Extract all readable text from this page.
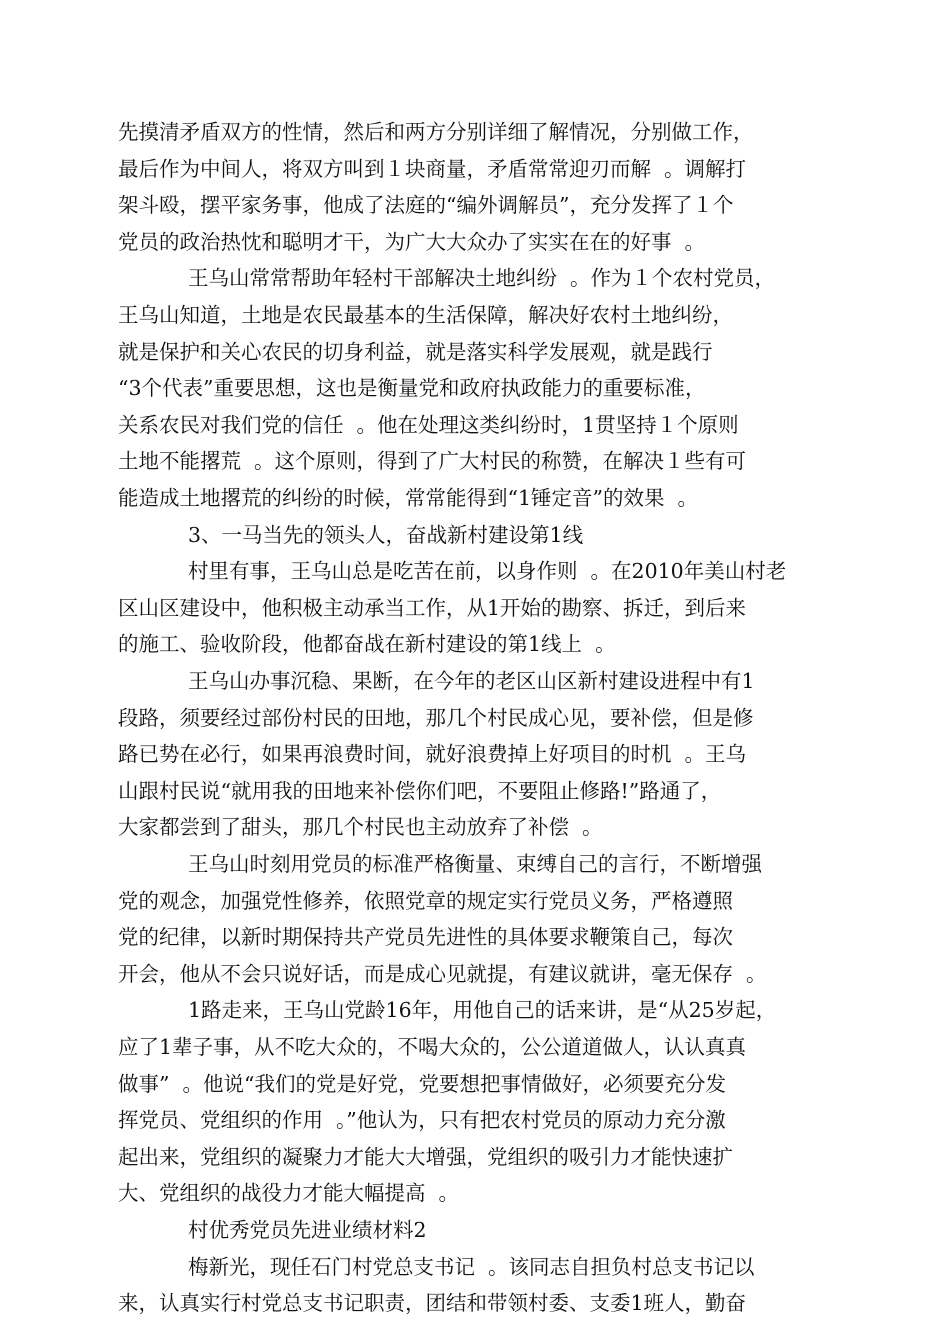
先摸清矛盾双方的性情，然后和两方分别详细了解情况，分别做工作，
最后作为中间人，将双方叫到１块商量，矛盾常常迎刃而解  。调解打
架斗殴，摆平家务事，他成了法庭的“编外调解员”，充分发挥了１个
党员的政治热忱和聪明才干，为广大大众办了实实在在的好事  。
王乌山常常帮助年轻村干部解决土地纠纷  。作为１个农村党员，
王乌山知道，土地是农民最基本的生活保障，解决好农村土地纠纷，
就是保护和关心农民的切身利益，就是落实科学发展观，就是践行
“3个代表”重要思想，这也是衡量党和政府执政能力的重要标准，
关系农民对我们党的信任  。他在处理这类纠纷时，1贯坚持１个原则
土地不能撂荒  。这个原则，得到了广大村民的称赞，在解决１些有可
能造成土地撂荒的纠纷的时候，常常能得到“1锤定音”的效果  。
3、一马当先的领头人，奋战新村建设第1线
村里有事，王乌山总是吃苦在前，以身作则  。在2010年美山村老
区山区建设中，他积极主动承当工作，从1开始的勘察、拆迁，到后来
的施工、验收阶段，他都奋战在新村建设的第1线上  。
王乌山办事沉稳、果断，在今年的老区山区新村建设进程中有1
段路，须要经过部份村民的田地，那几个村民成心见，要补偿，但是修
路已势在必行，如果再浪费时间，就好浪费掉上好项目的时机  。王乌
山跟村民说“就用我的田地来补偿你们吧，不要阻止修路!”路通了，
大家都尝到了甜头，那几个村民也主动放弃了补偿  。
王乌山时刻用党员的标准严格衡量、束缚自己的言行，不断增强
党的观念，加强党性修养，依照党章的规定实行党员义务，严格遵照
党的纪律，以新时期保持共产党员先进性的具体要求鞭策自己，每次
开会，他从不会只说好话，而是成心见就提，有建议就讲，毫无保存  。
1路走来，王乌山党龄16年，用他自己的话来讲，是“从25岁起，
应了1辈子事，从不吃大众的，不喝大众的，公公道道做人，认认真真
做事”  。他说“我们的党是好党，党要想把事情做好，必须要充分发
挥党员、党组织的作用  。”他认为，只有把农村党员的原动力充分激
起出来，党组织的凝聚力才能大大增强，党组织的吸引力才能快速扩
大、党组织的战役力才能大幅提高  。
村优秀党员先进业绩材料2
梅新光，现任石门村党总支书记  。该同志自担负村总支书记以
来，认真实行村党总支书记职责，团结和带领村委、支委1班人，勤奋
